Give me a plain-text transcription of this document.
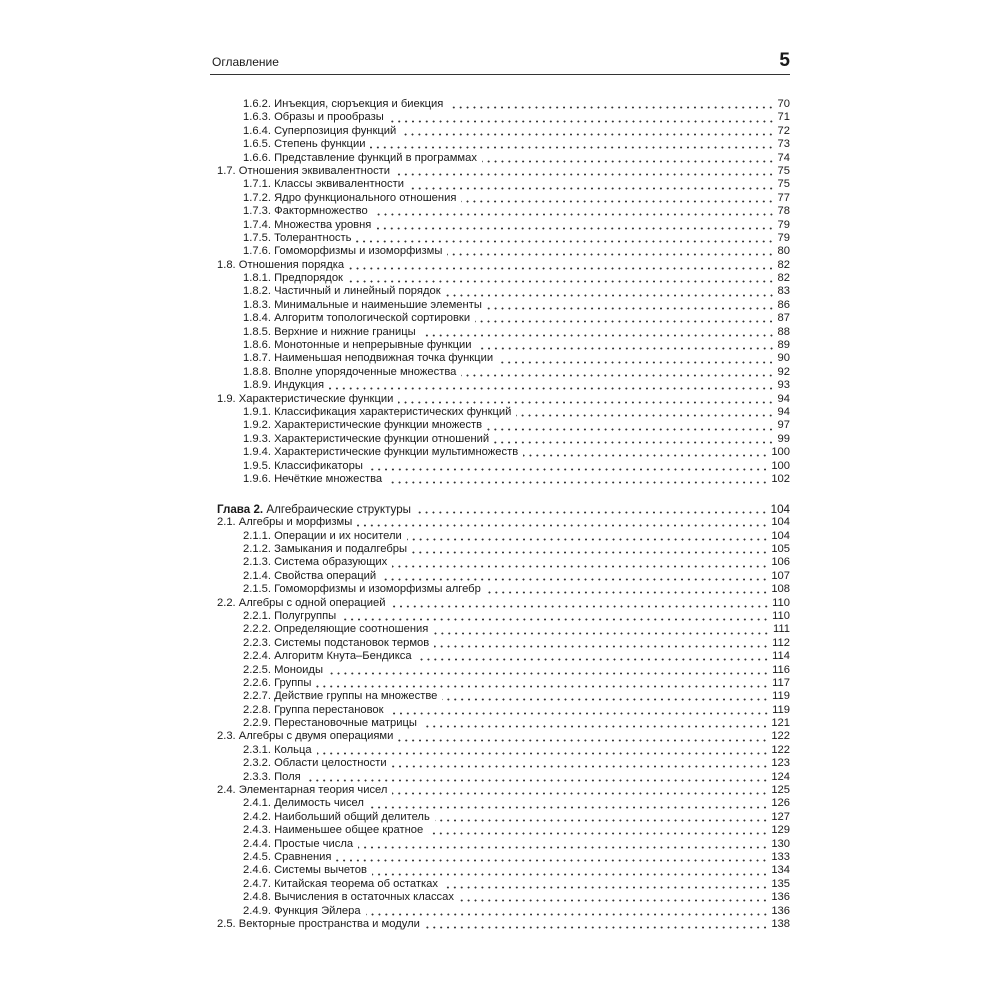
Оглавление	5
1.6.2. Инъекция, сюръекция и биекция	70
1.6.3. Образы и прообразы	71
1.6.4. Суперпозиция функций	72
1.6.5. Степень функции	73
1.6.6. Представление функций в программах	74
1.7. Отношения эквивалентности	75
1.7.1. Классы эквивалентности	75
1.7.2. Ядро функционального отношения	77
1.7.3. Фактормножество	78
1.7.4. Множества уровня	79
1.7.5. Толерантность	79
1.7.6. Гомоморфизмы и изоморфизмы	80
1.8. Отношения порядка	82
1.8.1. Предпорядок	82
1.8.2. Частичный и линейный порядок	83
1.8.3. Минимальные и наименьшие элементы	86
1.8.4. Алгоритм топологической сортировки	87
1.8.5. Верхние и нижние границы	88
1.8.6. Монотонные и непрерывные функции	89
1.8.7. Наименьшая неподвижная точка функции	90
1.8.8. Вполне упорядоченные множества	92
1.8.9. Индукция	93
1.9. Характеристические функции	94
1.9.1. Классификация характеристических функций	94
1.9.2. Характеристические функции множеств	97
1.9.3. Характеристические функции отношений	99
1.9.4. Характеристические функции мультимножеств	100
1.9.5. Классификаторы	100
1.9.6. Нечёткие множества	102
Глава 2. Алгебраические структуры	104
2.1. Алгебры и морфизмы	104
2.1.1. Операции и их носители	104
2.1.2. Замыкания и подалгебры	105
2.1.3. Система образующих	106
2.1.4. Свойства операций	107
2.1.5. Гомоморфизмы и изоморфизмы алгебр	108
2.2. Алгебры с одной операцией	110
2.2.1. Полугруппы	110
2.2.2. Определяющие соотношения	111
2.2.3. Системы подстановок термов	112
2.2.4. Алгоритм Кнута–Бендикса	114
2.2.5. Моноиды	116
2.2.6. Группы	117
2.2.7. Действие группы на множестве	119
2.2.8. Группа перестановок	119
2.2.9. Перестановочные матрицы	121
2.3. Алгебры с двумя операциями	122
2.3.1. Кольца	122
2.3.2. Области целостности	123
2.3.3. Поля	124
2.4. Элементарная теория чисел	125
2.4.1. Делимость чисел	126
2.4.2. Наибольший общий делитель	127
2.4.3. Наименьшее общее кратное	129
2.4.4. Простые числа	130
2.4.5. Сравнения	133
2.4.6. Системы вычетов	134
2.4.7. Китайская теорема об остатках	135
2.4.8. Вычисления в остаточных классах	136
2.4.9. Функция Эйлера	136
2.5. Векторные пространства и модули	138
